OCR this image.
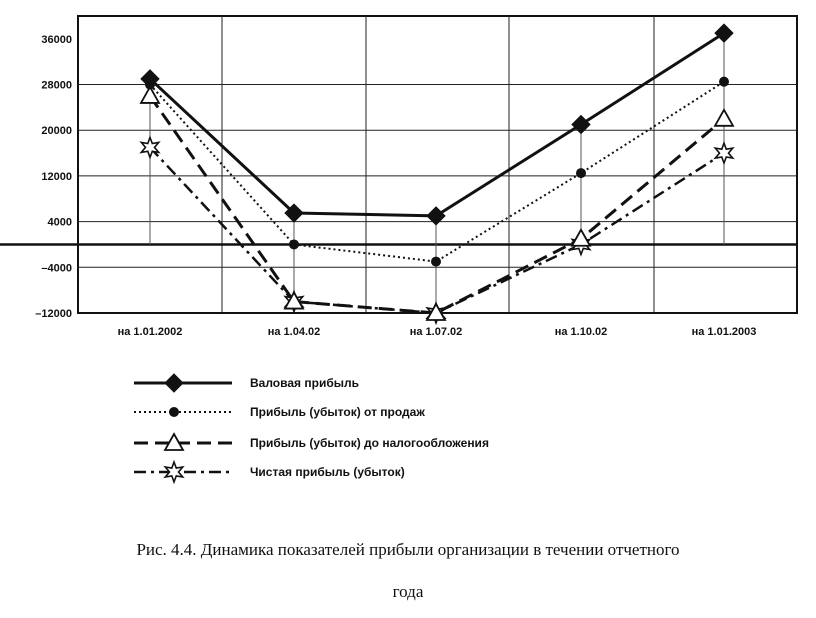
36000
28000
20000
12000
4000
–4000
–12000
на 1.01.2002	на 1.04.02	на 1.07.02	на 1.10.02	на 1.01.2003
Валовая прибыль
Прибыль (убыток) от продаж
Прибыль (убыток) до налогообложения
Чистая прибыль (убыток)
Рис. 4.4. Динамика показателей прибыли организации в течении отчетного
года
